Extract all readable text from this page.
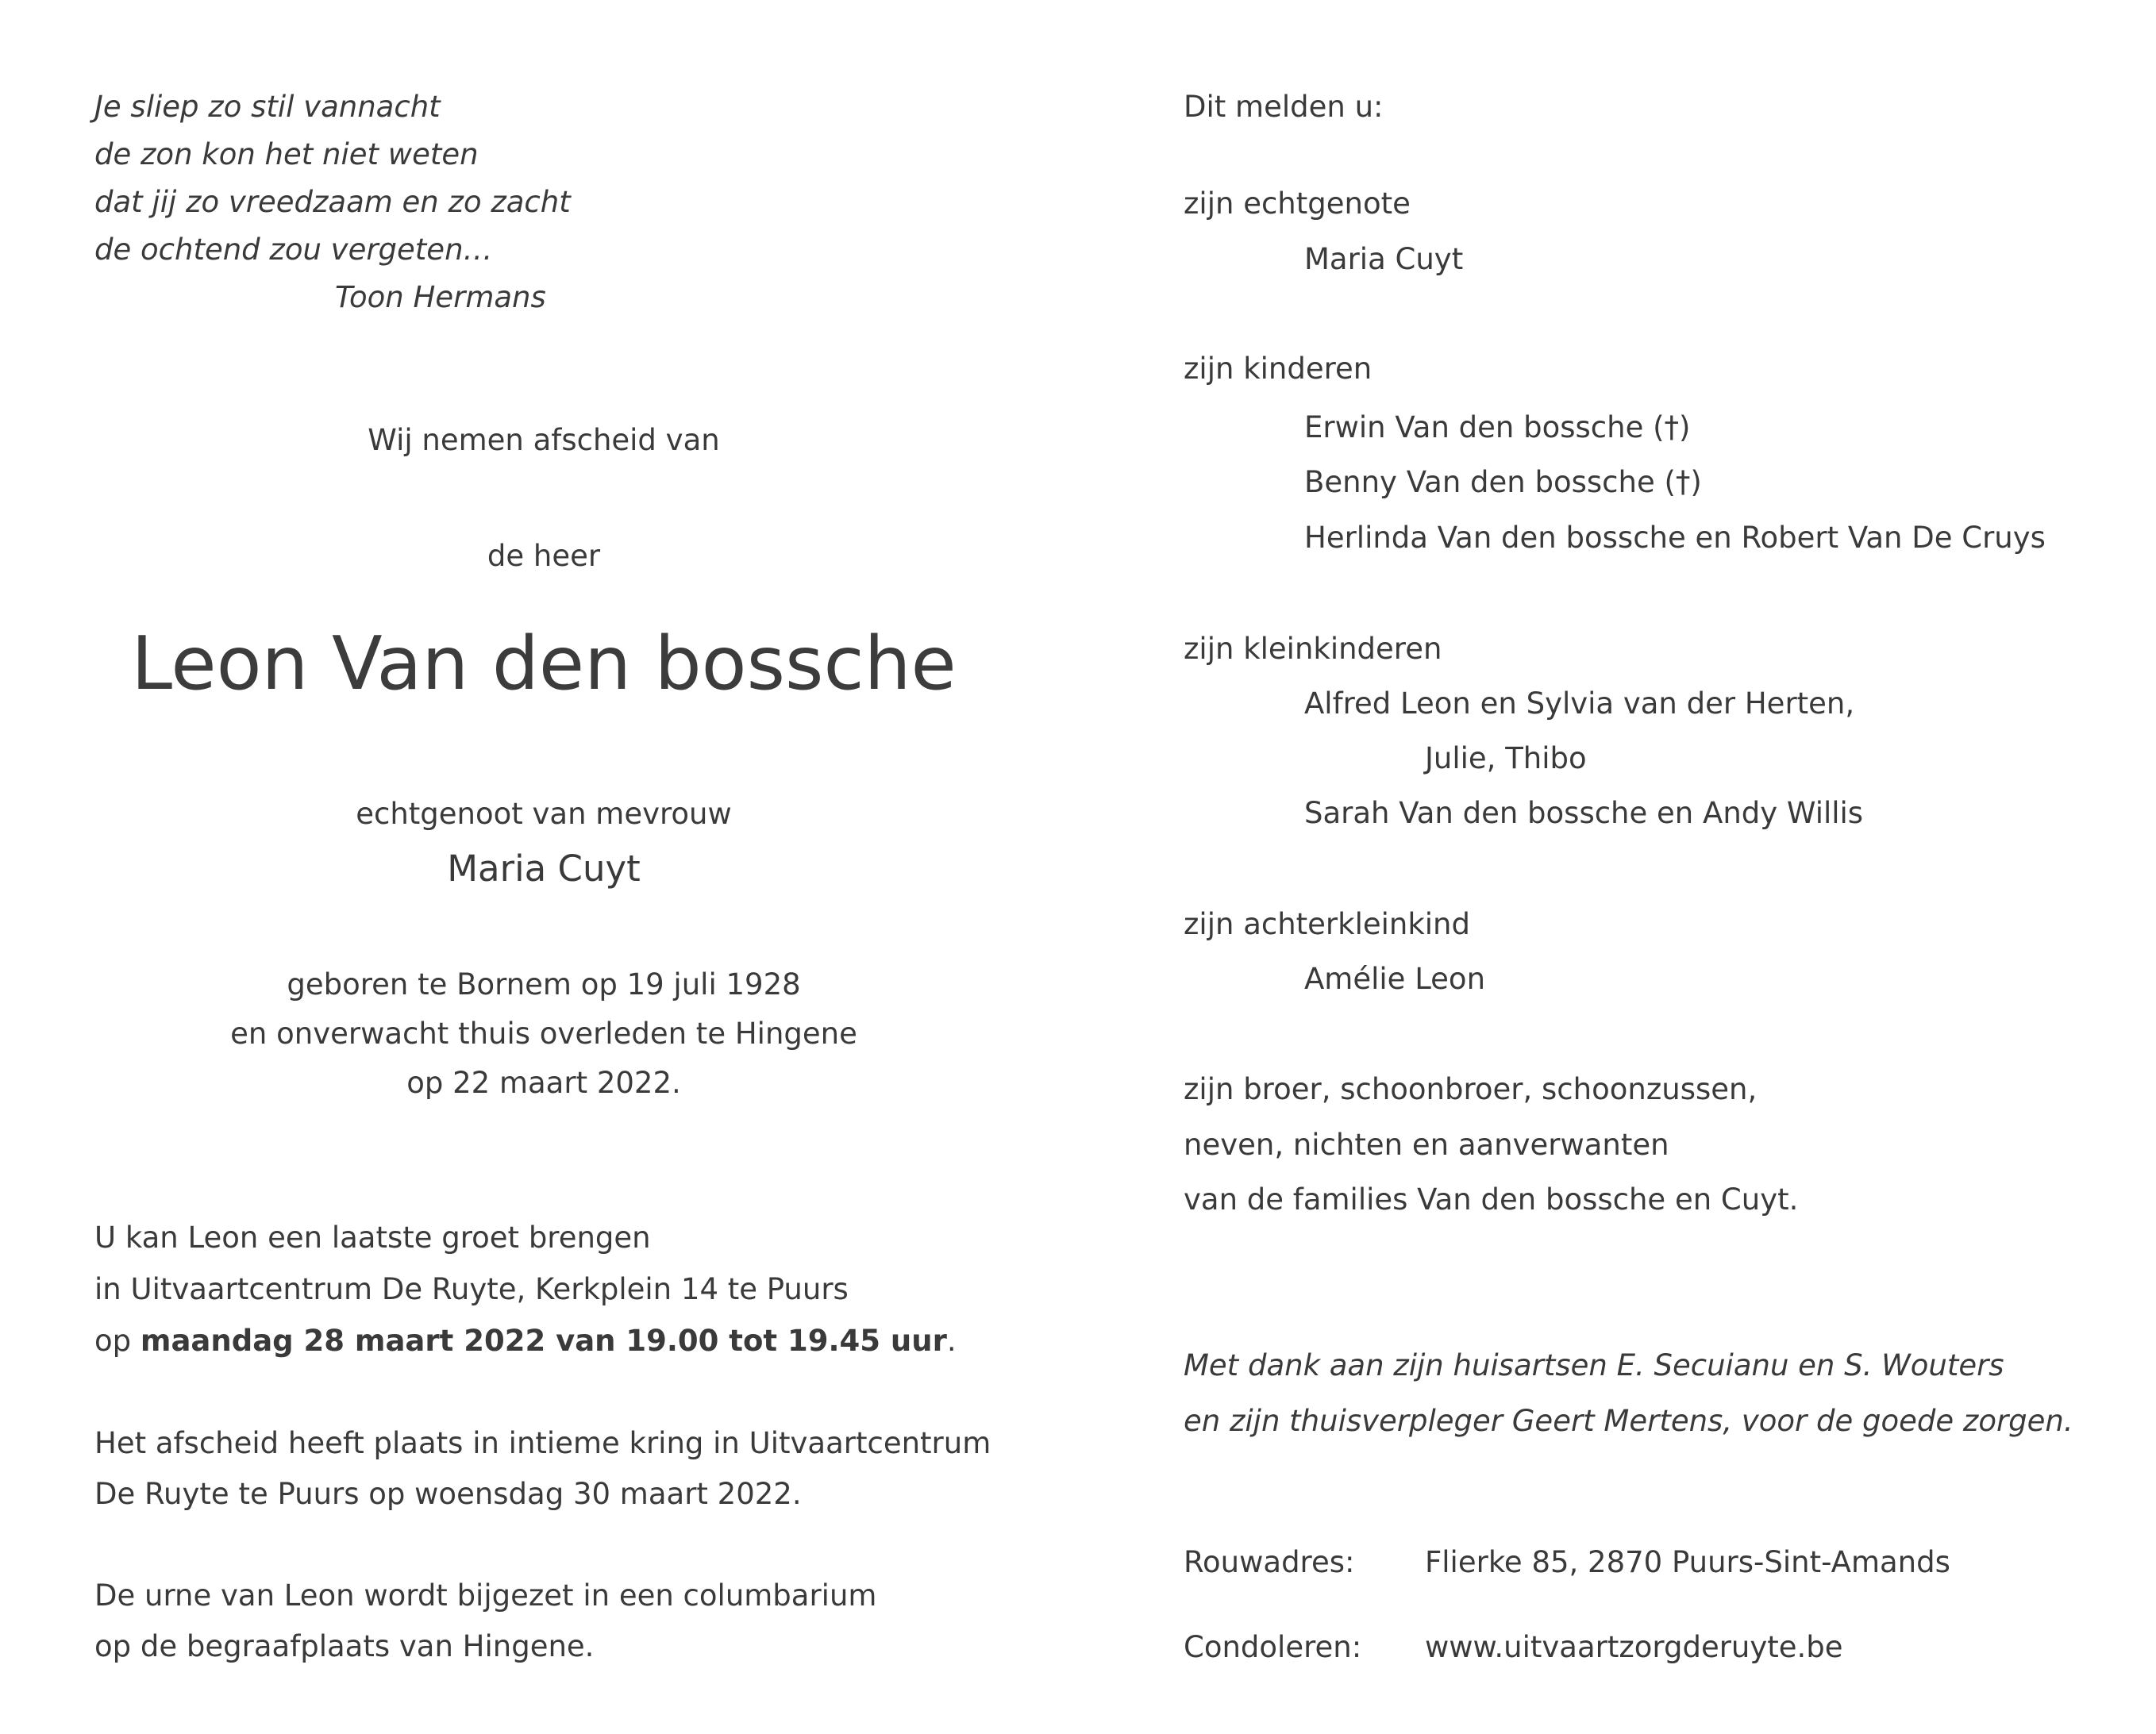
Je sliep zo stil vannacht
de zon kon het niet weten
dat jij zo vreedzaam en zo zacht
de ochtend zou vergeten…
Toon Hermans
Wij nemen afscheid van
de heer
Leon Van den bossche
echtgenoot van mevrouw
Maria Cuyt
geboren te Bornem op 19 juli 1928
en onverwacht thuis overleden te Hingene
op 22 maart 2022.
U kan Leon een laatste groet brengen
in Uitvaartcentrum De Ruyte, Kerkplein 14 te Puurs
op maandag 28 maart 2022 van 19.00 tot 19.45 uur.
Het afscheid heeft plaats in intieme kring in Uitvaartcentrum
De Ruyte te Puurs op woensdag 30 maart 2022.
De urne van Leon wordt bijgezet in een columbarium
op de begraafplaats van Hingene.
Dit melden u:
zijn echtgenote
Maria Cuyt
zijn kinderen
Erwin Van den bossche (†)
Benny Van den bossche (†)
Herlinda Van den bossche en Robert Van De Cruys
zijn kleinkinderen
Alfred Leon en Sylvia van der Herten,
Julie, Thibo
Sarah Van den bossche en Andy Willis
zijn achterkleinkind
Amélie Leon
zijn broer, schoonbroer, schoonzussen,
neven, nichten en aanverwanten
van de families Van den bossche en Cuyt.
Met dank aan zijn huisartsen E. Secuianu en S. Wouters
en zijn thuisverpleger Geert Mertens, voor de goede zorgen.
Rouwadres: Flierke 85, 2870 Puurs-Sint-Amands
Condoleren: www.uitvaartzorgderuyte.be
